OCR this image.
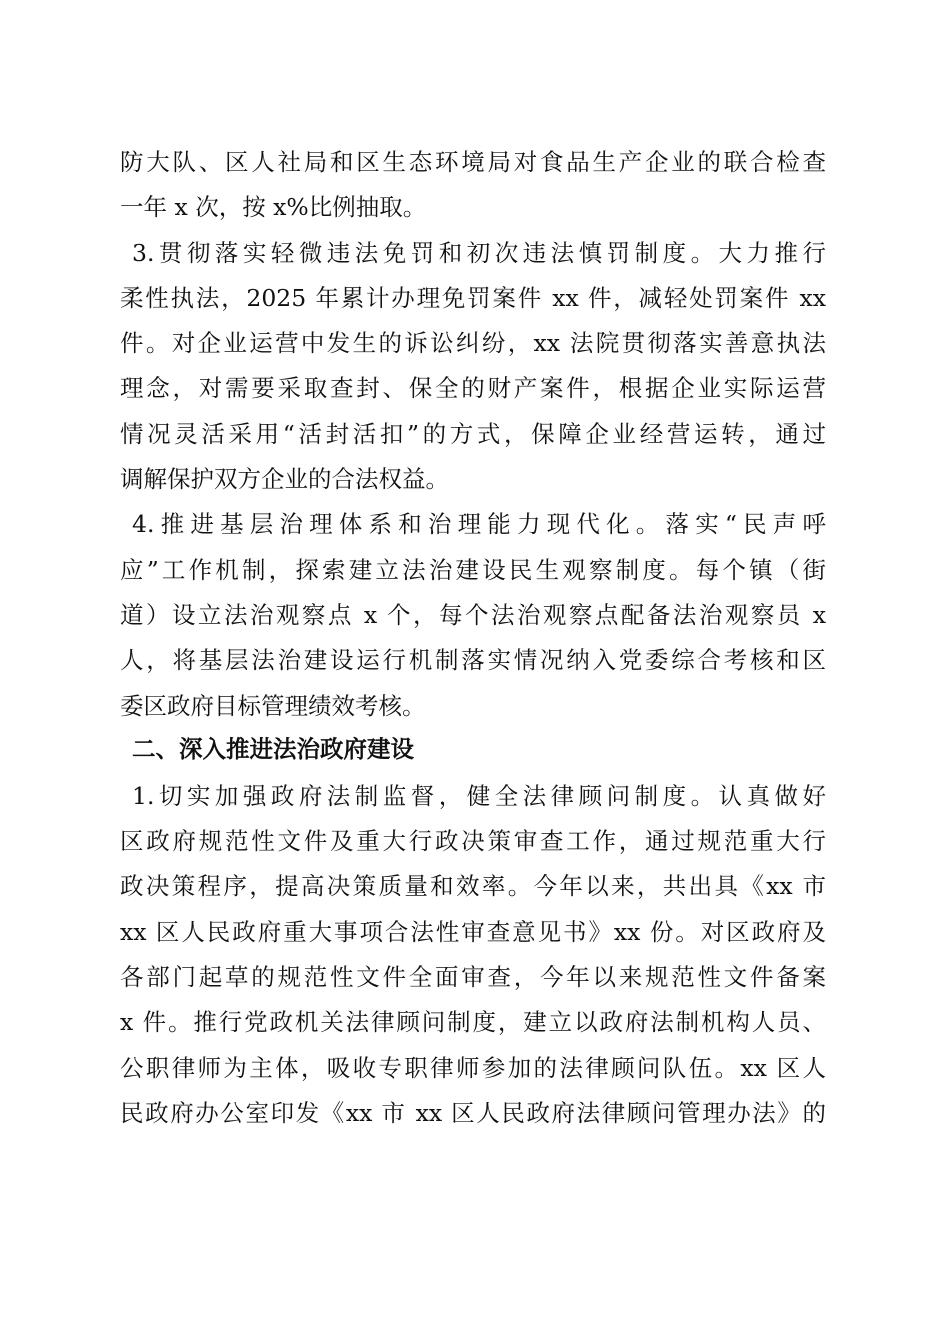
防大队、区人社局和区生态环境局对食品生产企业的联合检查
一年 x 次，按 x%比例抽取。
3.贯彻落实轻微违法免罚和初次违法慎罚制度。大力推行
柔性执法，2025 年累计办理免罚案件 xx 件，减轻处罚案件 xx
件。对企业运营中发生的诉讼纠纷，xx 法院贯彻落实善意执法
理念，对需要采取查封、保全的财产案件，根据企业实际运营
情况灵活采用“活封活扣”的方式，保障企业经营运转，通过
调解保护双方企业的合法权益。
4.推进基层治理体系和治理能力现代化。落实“民声呼
应”工作机制，探索建立法治建设民生观察制度。每个镇（街
道）设立法治观察点 x 个，每个法治观察点配备法治观察员 x
人，将基层法治建设运行机制落实情况纳入党委综合考核和区
委区政府目标管理绩效考核。
二、深入推进法治政府建设
1.切实加强政府法制监督，健全法律顾问制度。认真做好
区政府规范性文件及重大行政决策审查工作，通过规范重大行
政决策程序，提高决策质量和效率。今年以来，共出具《xx 市
xx 区人民政府重大事项合法性审查意见书》xx 份。对区政府及
各部门起草的规范性文件全面审查，今年以来规范性文件备案
x 件。推行党政机关法律顾问制度，建立以政府法制机构人员、
公职律师为主体，吸收专职律师参加的法律顾问队伍。xx 区人
民政府办公室印发《xx 市 xx 区人民政府法律顾问管理办法》的
